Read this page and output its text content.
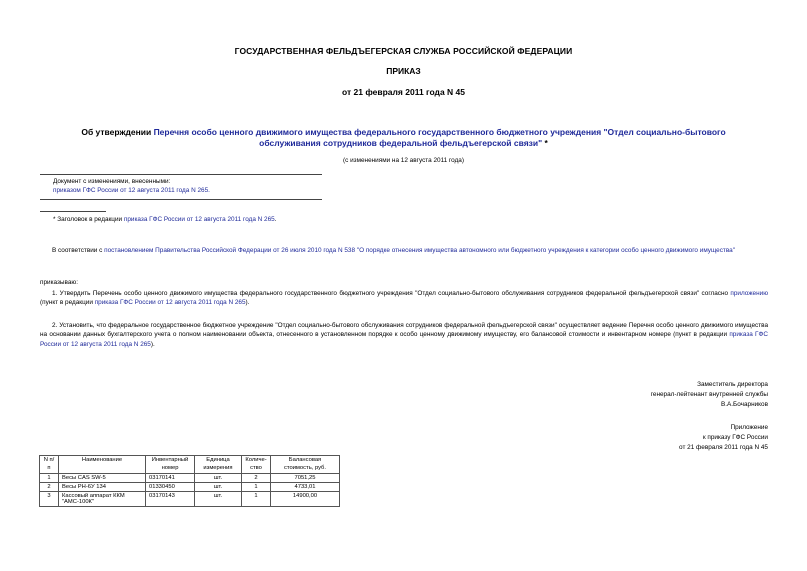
ГОСУДАРСТВЕННАЯ ФЕЛЬДЪЕГЕРСКАЯ СЛУЖБА РОССИЙСКОЙ ФЕДЕРАЦИИ
ПРИКАЗ
от 21 февраля 2011 года N 45
Об утверждении Перечня особо ценного движимого имущества федерального государственного бюджетного учреждения "Отдел социально-бытового обслуживания сотрудников федеральной фельдъегерской связи" *
(с изменениями на 12 августа 2011 года)
Документ с изменениями, внесенными:
приказом ГФС России от 12 августа 2011 года N 265.
* Заголовок в редакции приказа ГФС России от 12 августа 2011 года N 265.
В соответствии с постановлением Правительства Российской Федерации от 26 июля 2010 года N 538 "О порядке отнесения имущества автономного или бюджетного учреждения к категории особо ценного движимого имущества"
приказываю:
1. Утвердить Перечень особо ценного движимого имущества федерального государственного бюджетного учреждения "Отдел социально-бытового обслуживания сотрудников федеральной фельдъегерской связи" согласно приложению (пункт в редакции приказа ГФС России от 12 августа 2011 года N 265).
2. Установить, что федеральное государственное бюджетное учреждение "Отдел социально-бытового обслуживания сотрудников федеральной фельдъегерской связи" осуществляет ведение Перечня особо ценного движимого имущества на основании данных бухгалтерского учета о полном наименовании объекта, отнесенного в установленном порядке к особо ценному движимому имуществу, его балансовой стоимости и инвентарном номере (пункт в редакции приказа ГФС России от 12 августа 2011 года N 265).
Заместитель директора
генерал-лейтенант внутренней службы
В.А.Бочарников
Приложение
к приказу ГФС России
от 21 февраля 2011 года N 45
N п/п	Наименование	Инвентарный номер	Единица измерения	Количе- ство	Балансовая стоимость, руб.
1	Весы CAS SW-5	03170141	шт.	2	7051,25
2	Весы РН-6У 134	01330450	шт.	1	4733,01
3	Кассовый аппарат ККМ "АМС-100К"	03170143	шт.	1	14900,00
